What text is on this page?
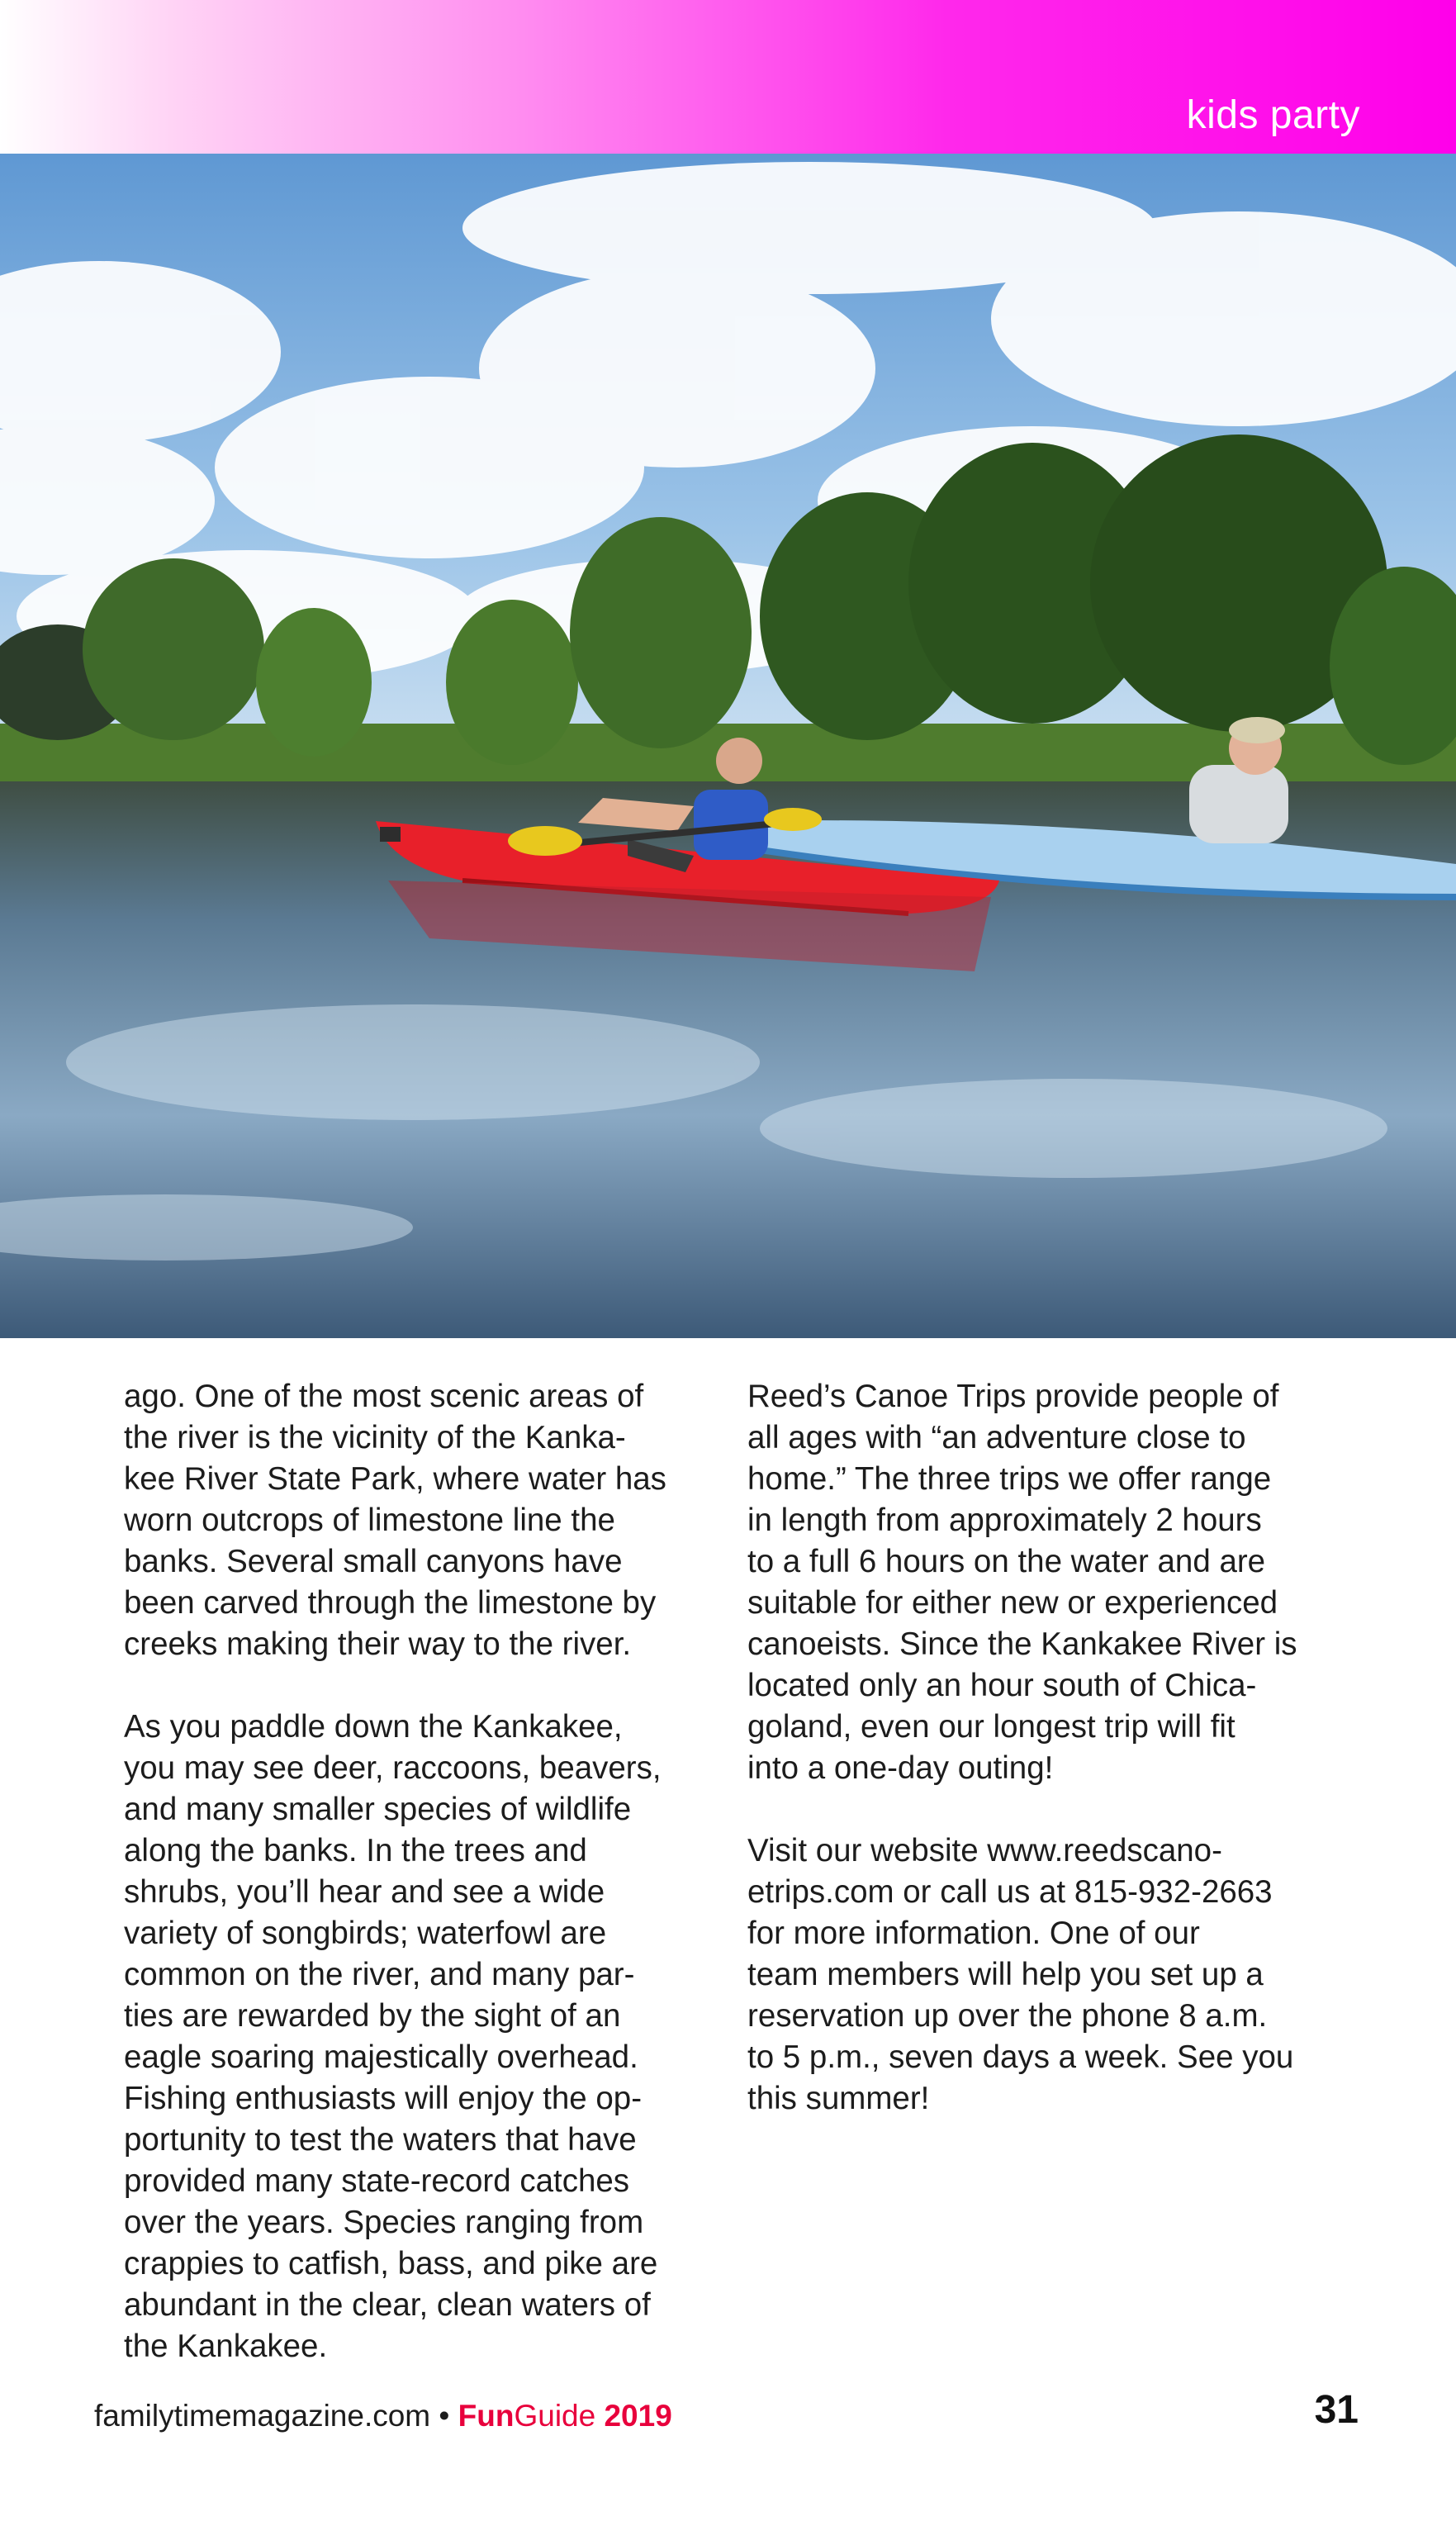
kids party

ago. One of the most scenic areas of
the river is the vicinity of the Kanka-
kee River State Park, where water has
worn outcrops of limestone line the
banks. Several small canyons have
been carved through the limestone by
creeks making their way to the river.

As you paddle down the Kankakee,
you may see deer, raccoons, beavers,
and many smaller species of wildlife
along the banks. In the trees and
shrubs, you’ll hear and see a wide
variety of songbirds; waterfowl are
common on the river, and many par-
ties are rewarded by the sight of an
eagle soaring majestically overhead.
Fishing enthusiasts will enjoy the op-
portunity to test the waters that have
provided many state-record catches
over the years. Species ranging from
crappies to catfish, bass, and pike are
abundant in the clear, clean waters of
the Kankakee.

Reed’s Canoe Trips provide people of
all ages with “an adventure close to
home.” The three trips we offer range
in length from approximately 2 hours
to a full 6 hours on the water and are
suitable for either new or experienced
canoeists. Since the Kankakee River is
located only an hour south of Chica-
goland, even our longest trip will fit
into a one-day outing!

Visit our website www.reedscano-
etrips.com or call us at 815-932-2663
for more information. One of our
team members will help you set up a
reservation up over the phone 8 a.m.
to 5 p.m., seven days a week. See you
this summer!

familytimemagazine.com • FunGuide 2019	31
